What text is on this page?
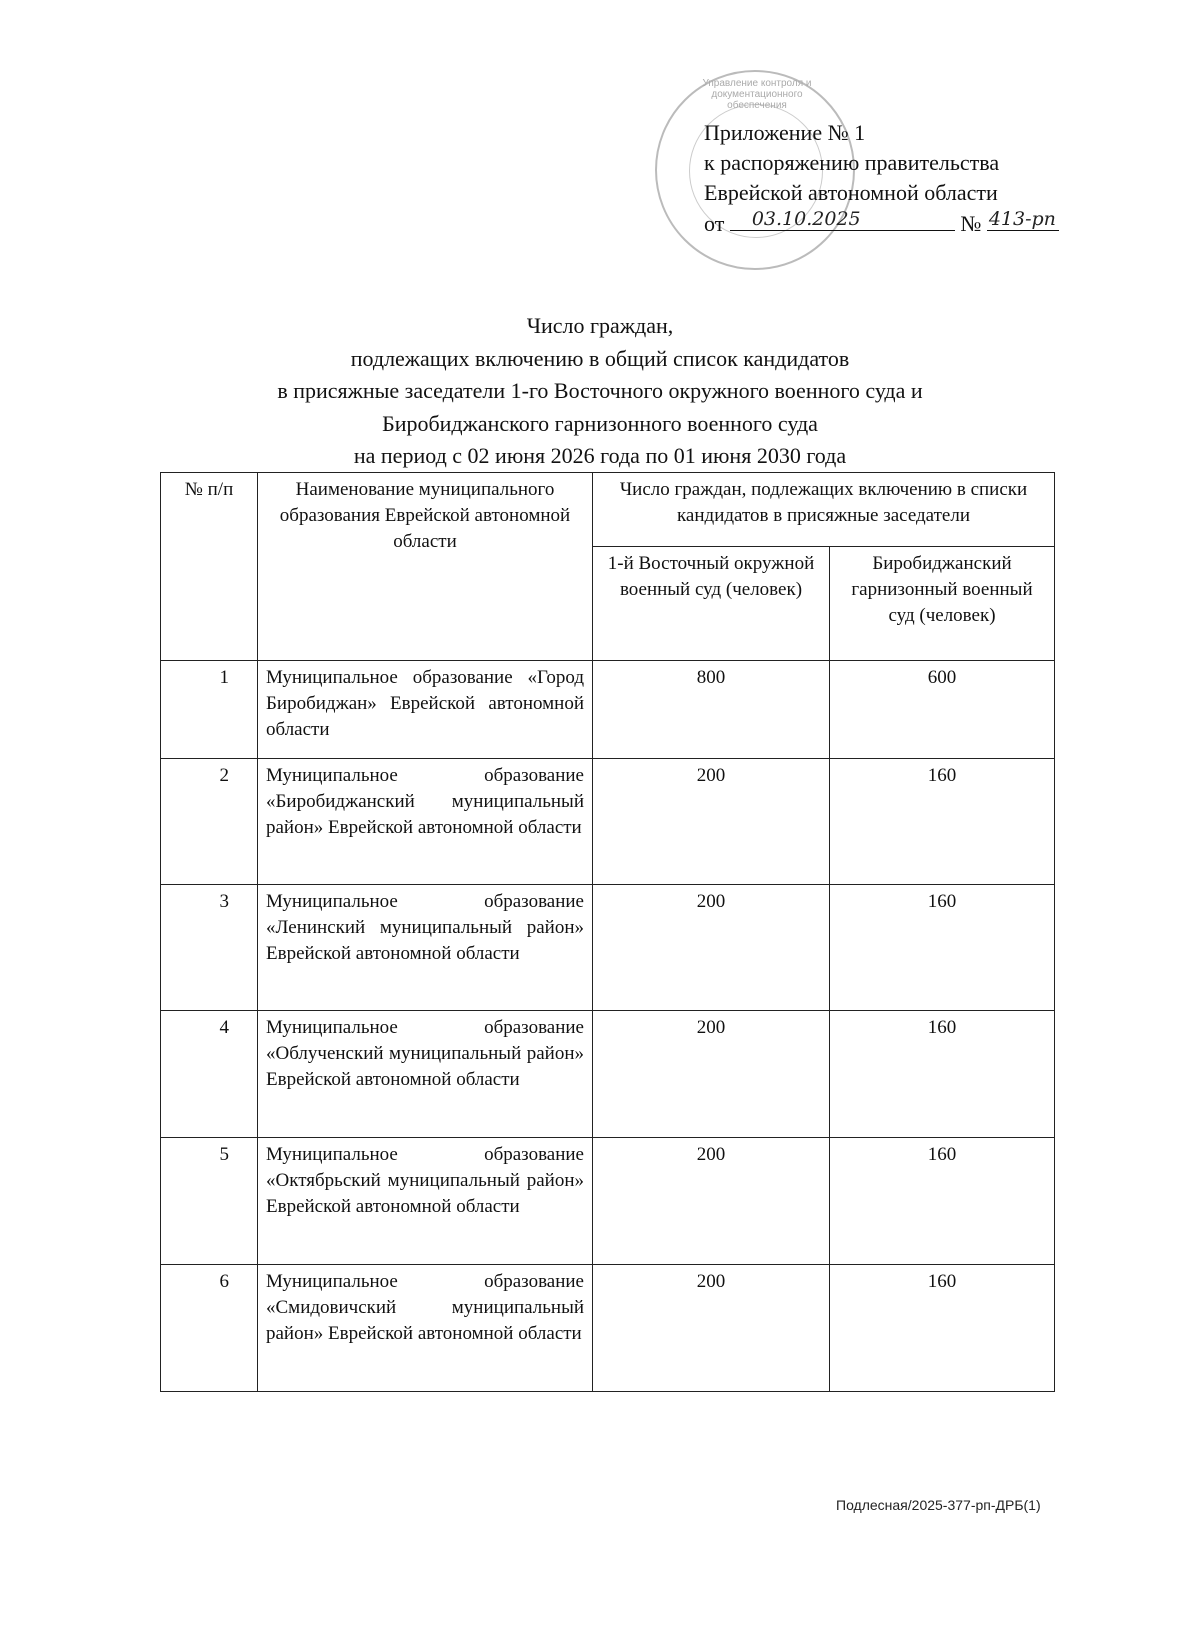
Управление контроля и документационного обеспечения
Приложение № 1
к распоряжению правительства
Еврейской автономной области
от 03.10.2025	№ 413-рп
Число граждан,
подлежащих включению в общий список кандидатов
в присяжные заседатели 1-го Восточного окружного военного суда и
Биробиджанского гарнизонного военного суда
на период с 02 июня 2026 года по 01 июня 2030 года
№ п/п	Наименование муниципального образования Еврейской автономной области	Число граждан, подлежащих включению в списки кандидатов в присяжные заседатели	
		1-й Восточный окружной военный суд (человек)	Биробиджанский гарнизонный военный суд (человек)
1	Муниципальное образование «Город Биробиджан» Еврейской автономной области	800	600
2	Муниципальное образование «Биробиджанский муниципальный район» Еврейской автономной области	200	160
3	Муниципальное образование «Ленинский муниципальный район» Еврейской автономной области	200	160
4	Муниципальное образование «Облученский муниципальный район» Еврейской автономной области	200	160
5	Муниципальное образование «Октябрьский муниципальный район» Еврейской автономной области	200	160
6	Муниципальное образование «Смидовичский муниципальный район» Еврейской автономной области	200	160
Подлесная/2025-377-рп-ДРБ(1)
